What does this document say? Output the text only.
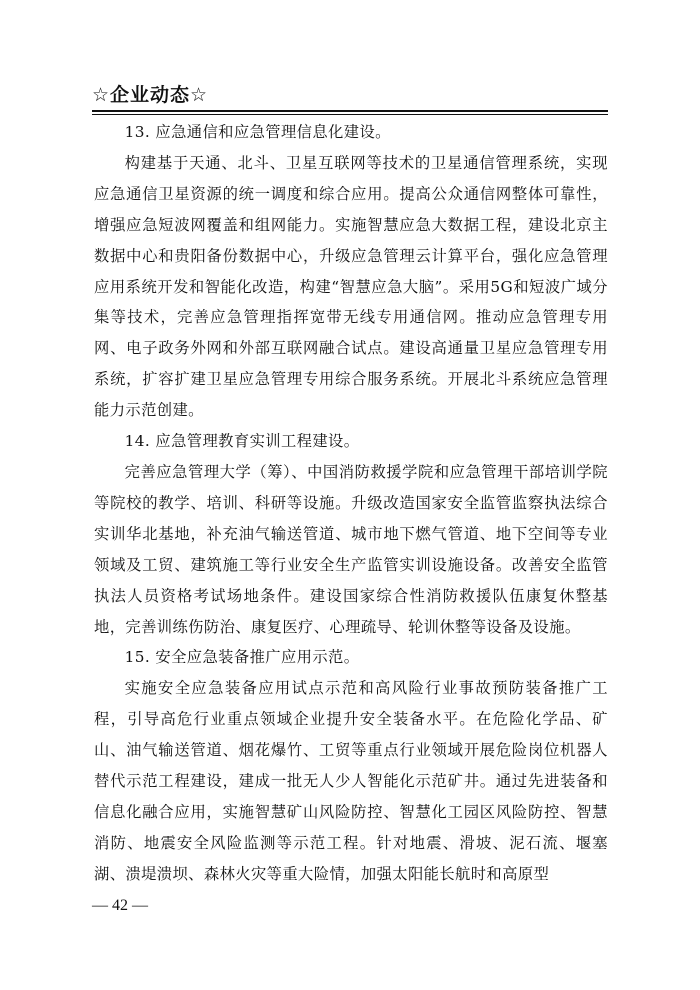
☆企业动态☆

13. 应急通信和应急管理信息化建设。

构建基于天通、北斗、卫星互联网等技术的卫星通信管理系统，实现应急通信卫星资源的统一调度和综合应用。提高公众通信网整体可靠性，增强应急短波网覆盖和组网能力。实施智慧应急大数据工程，建设北京主数据中心和贵阳备份数据中心，升级应急管理云计算平台，强化应急管理应用系统开发和智能化改造，构建“智慧应急大脑”。采用5G和短波广域分集等技术，完善应急管理指挥宽带无线专用通信网。推动应急管理专用网、电子政务外网和外部互联网融合试点。建设高通量卫星应急管理专用系统，扩容扩建卫星应急管理专用综合服务系统。开展北斗系统应急管理能力示范创建。

14. 应急管理教育实训工程建设。

完善应急管理大学（筹）、中国消防救援学院和应急管理干部培训学院等院校的教学、培训、科研等设施。升级改造国家安全监管监察执法综合实训华北基地，补充油气输送管道、城市地下燃气管道、地下空间等专业领域及工贸、建筑施工等行业安全生产监管实训设施设备。改善安全监管执法人员资格考试场地条件。建设国家综合性消防救援队伍康复休整基地，完善训练伤防治、康复医疗、心理疏导、轮训休整等设备及设施。

15. 安全应急装备推广应用示范。

实施安全应急装备应用试点示范和高风险行业事故预防装备推广工程，引导高危行业重点领域企业提升安全装备水平。在危险化学品、矿山、油气输送管道、烟花爆竹、工贸等重点行业领域开展危险岗位机器人替代示范工程建设，建成一批无人少人智能化示范矿井。通过先进装备和信息化融合应用，实施智慧矿山风险防控、智慧化工园区风险防控、智慧消防、地震安全风险监测等示范工程。针对地震、滑坡、泥石流、堰塞湖、溃堤溃坝、森林火灾等重大险情，加强太阳能长航时和高原型

— 42 —
